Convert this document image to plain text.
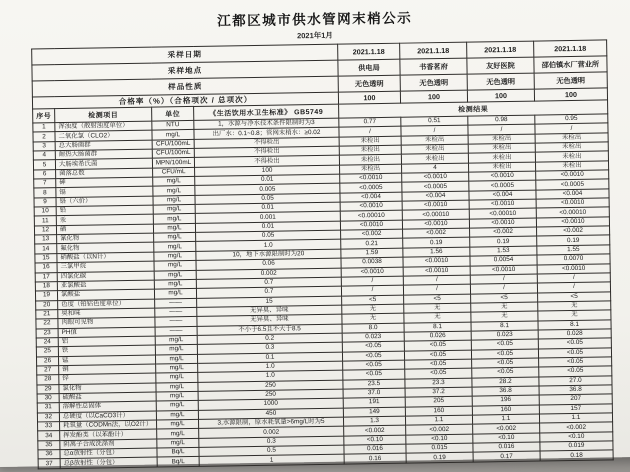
江都区城市供水管网末梢公示
2021年1月
采样日期				2021.1.18	2021.1.18	2021.1.18	2021.1.18
采样地点				供电局	书香茗府	友好医院	邵伯镇水厂营业所
样品性质				无色透明	无色透明	无色透明	无色透明
合格率（%）（合格项次 / 总项次）				100	100	100	100
序号	检测项目	单位	《生活饮用水卫生标准》 GB5749	检测结果			
1	浑浊度（散射浊度单位）	NTU	1，水源与净水技术条件限制时为3	0.77	0.51	0.98	0.95
2	二氧化氯（CLO2）	mg/L	出厂水：0.1~0.8；管网末梢水：≥0.02	/	/	/	/
3	总大肠菌群	CFU/100mL	不得检出	未检出	未检出	未检出	未检出
4	耐热大肠菌群	CFU/100mL	不得检出	未检出	未检出	未检出	未检出
5	大肠埃希氏菌	MPN/100mL	不得检出	未检出	未检出	未检出	未检出
6	菌落总数	CFU/mL	100	未检出	4	未检出	未检出
7	砷	mg/L	0.01	<0.0010	<0.0010	<0.0010	<0.0010
8	镉	mg/L	0.005	<0.0005	<0.0005	<0.0005	<0.0005
9	铬（六价）	mg/L	0.05	<0.004	<0.004	<0.004	<0.004
10	铅	mg/L	0.01	<0.0010	<0.0010	<0.0010	<0.0010
11	汞	mg/L	0.001	<0.00010	<0.00010	<0.00010	<0.00010
12	硒	mg/L	0.01	<0.0010	<0.0010	<0.0010	<0.0010
13	氰化物	mg/L	0.05	<0.002	<0.002	<0.002	<0.002
14	氟化物	mg/L	1.0	0.21	0.19	0.19	0.19
15	硝酸盐（以N计）	mg/L	10，地下水源限制时为20	1.59	1.56	1.53	1.55
16	三氯甲烷	mg/L	0.06	0.0038	<0.0010	0.0054	0.0070
17	四氯化碳	mg/L	0.002	<0.0010	<0.0010	<0.0010	<0.0010
18	亚氯酸盐	mg/L	0.7	/	/	/	/
19	氯酸盐	mg/L	0.7	/	/	/	/
20	色度（铂钴色度单位）	——	15	<5	<5	<5	<5
21	臭和味	——	无异臭、异味	无	无	无	无
22	肉眼可见物	——	无异臭、异味	无	无	无	无
23	PH值	——	不小于6.5且不大于8.5	8.0	8.1	8.1	8.1
24	铝	mg/L	0.2	0.023	0.026	0.023	0.028
25	铁	mg/L	0.3	<0.05	<0.05	<0.05	<0.05
26	锰	mg/L	0.1	<0.05	<0.05	<0.05	<0.05
27	铜	mg/L	1.0	<0.05	<0.05	<0.05	<0.05
28	锌	mg/L	1.0	<0.05	<0.05	<0.05	<0.05
29	氯化物	mg/L	250	23.5	23.3	28.2	27.0
30	硫酸盐	mg/L	250	37.0	37.2	36.8	36.8
31	溶解性总固体	mg/L	1000	191	205	196	207
32	总硬度（以CaCO3计）	mg/L	450	149	160	160	157
33	耗氧量（CODMn法，以O2计）	mg/L	3,水源限制，原水耗氧量>6mg/L时为5	1.3	1.1	1.1	1.1
34	挥发酚类（以苯酚计）	mg/L	0.002	<0.002	<0.002	<0.002	<0.002
35	阴离子合成洗涤剂	mg/L	0.3	<0.10	<0.10	<0.10	<0.10
36	总α放射性（分包）	Bq/L	0.5	0.016	0.015	0.016	0.019
37	总β放射性（分包）	Bq/L	1	0.16	0.19	0.17	0.18
